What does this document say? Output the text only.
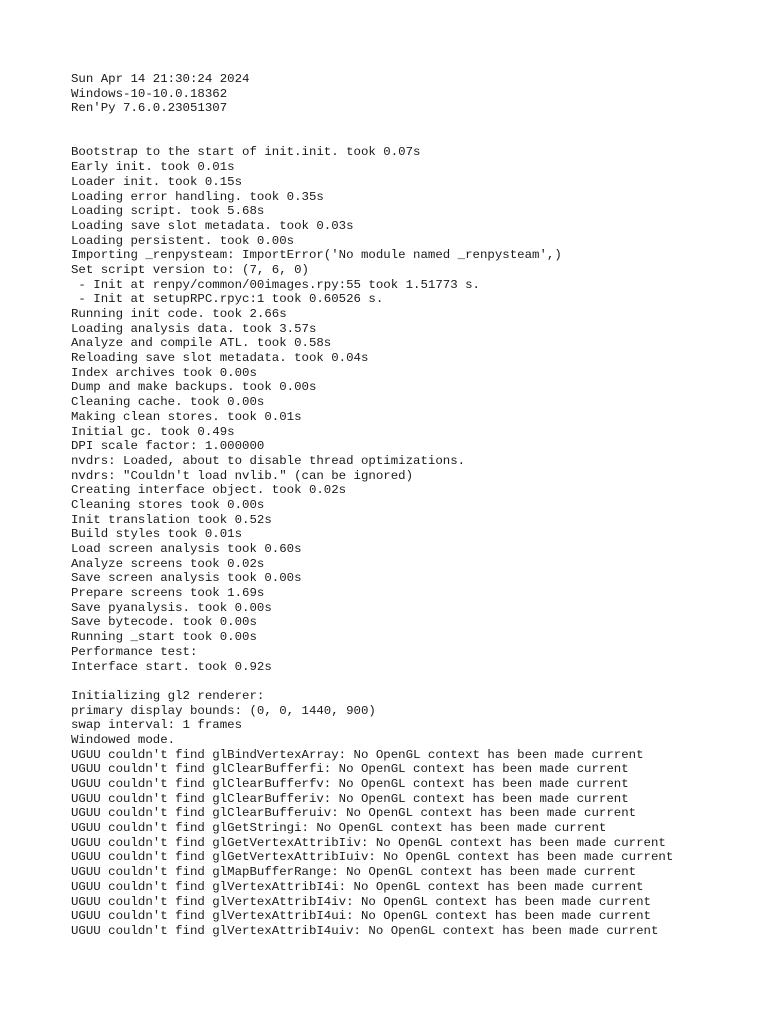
Sun Apr 14 21:30:24 2024
Windows-10-10.0.18362
Ren'Py 7.6.0.23051307
Bootstrap to the start of init.init. took 0.07s
Early init. took 0.01s
Loader init. took 0.15s
Loading error handling. took 0.35s
Loading script. took 5.68s
Loading save slot metadata. took 0.03s
Loading persistent. took 0.00s
Importing _renpysteam: ImportError('No module named _renpysteam',)
Set script version to: (7, 6, 0)
- Init at renpy/common/00images.rpy:55 took 1.51773 s.
- Init at setupRPC.rpyc:1 took 0.60526 s.
Running init code. took 2.66s
Loading analysis data. took 3.57s
Analyze and compile ATL. took 0.58s
Reloading save slot metadata. took 0.04s
Index archives took 0.00s
Dump and make backups. took 0.00s
Cleaning cache. took 0.00s
Making clean stores. took 0.01s
Initial gc. took 0.49s
DPI scale factor: 1.000000
nvdrs: Loaded, about to disable thread optimizations.
nvdrs: "Couldn't load nvlib." (can be ignored)
Creating interface object. took 0.02s
Cleaning stores took 0.00s
Init translation took 0.52s
Build styles took 0.01s
Load screen analysis took 0.60s
Analyze screens took 0.02s
Save screen analysis took 0.00s
Prepare screens took 1.69s
Save pyanalysis. took 0.00s
Save bytecode. took 0.00s
Running _start took 0.00s
Performance test:
Interface start. took 0.92s
Initializing gl2 renderer:
primary display bounds: (0, 0, 1440, 900)
swap interval: 1 frames
Windowed mode.
UGUU couldn't find glBindVertexArray: No OpenGL context has been made current
UGUU couldn't find glClearBufferfi: No OpenGL context has been made current
UGUU couldn't find glClearBufferfv: No OpenGL context has been made current
UGUU couldn't find glClearBufferiv: No OpenGL context has been made current
UGUU couldn't find glClearBufferuiv: No OpenGL context has been made current
UGUU couldn't find glGetStringi: No OpenGL context has been made current
UGUU couldn't find glGetVertexAttribIiv: No OpenGL context has been made current
UGUU couldn't find glGetVertexAttribIuiv: No OpenGL context has been made current
UGUU couldn't find glMapBufferRange: No OpenGL context has been made current
UGUU couldn't find glVertexAttribI4i: No OpenGL context has been made current
UGUU couldn't find glVertexAttribI4iv: No OpenGL context has been made current
UGUU couldn't find glVertexAttribI4ui: No OpenGL context has been made current
UGUU couldn't find glVertexAttribI4uiv: No OpenGL context has been made current
